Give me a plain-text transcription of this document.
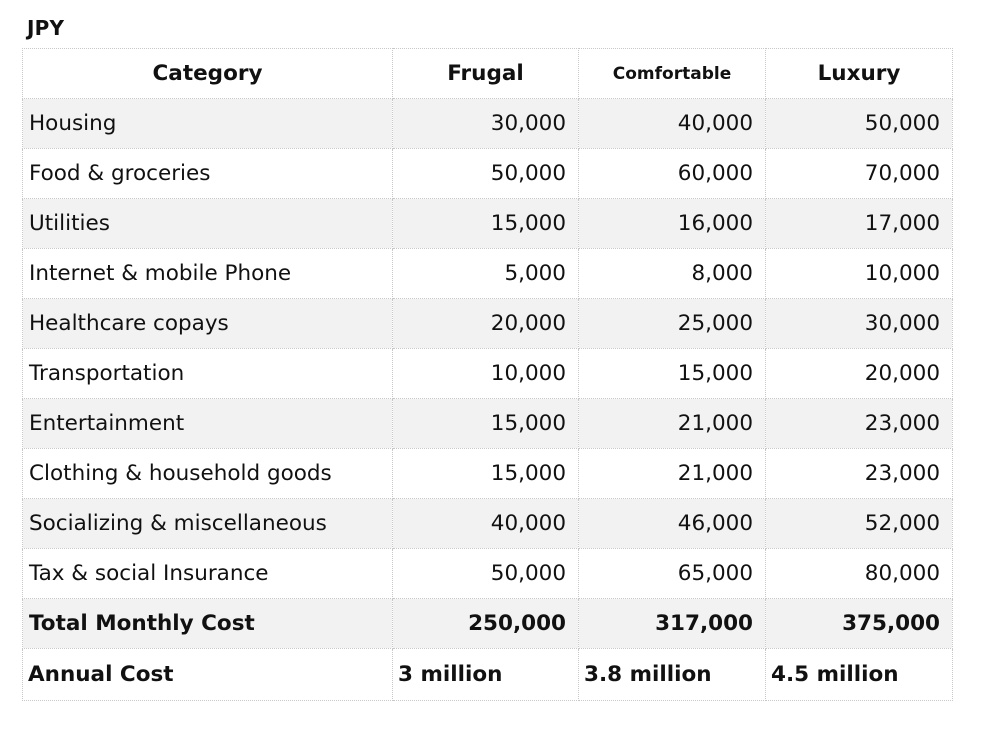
JPY
Category	Frugal	Comfortable	Luxury
Housing	30,000	40,000	50,000
Food & groceries	50,000	60,000	70,000
Utilities	15,000	16,000	17,000
Internet & mobile Phone	5,000	8,000	10,000
Healthcare copays	20,000	25,000	30,000
Transportation	10,000	15,000	20,000
Entertainment	15,000	21,000	23,000
Clothing & household goods	15,000	21,000	23,000
Socializing & miscellaneous	40,000	46,000	52,000
Tax & social Insurance	50,000	65,000	80,000
Total Monthly Cost	250,000	317,000	375,000
Annual Cost	3 million	3.8 million	4.5 million
